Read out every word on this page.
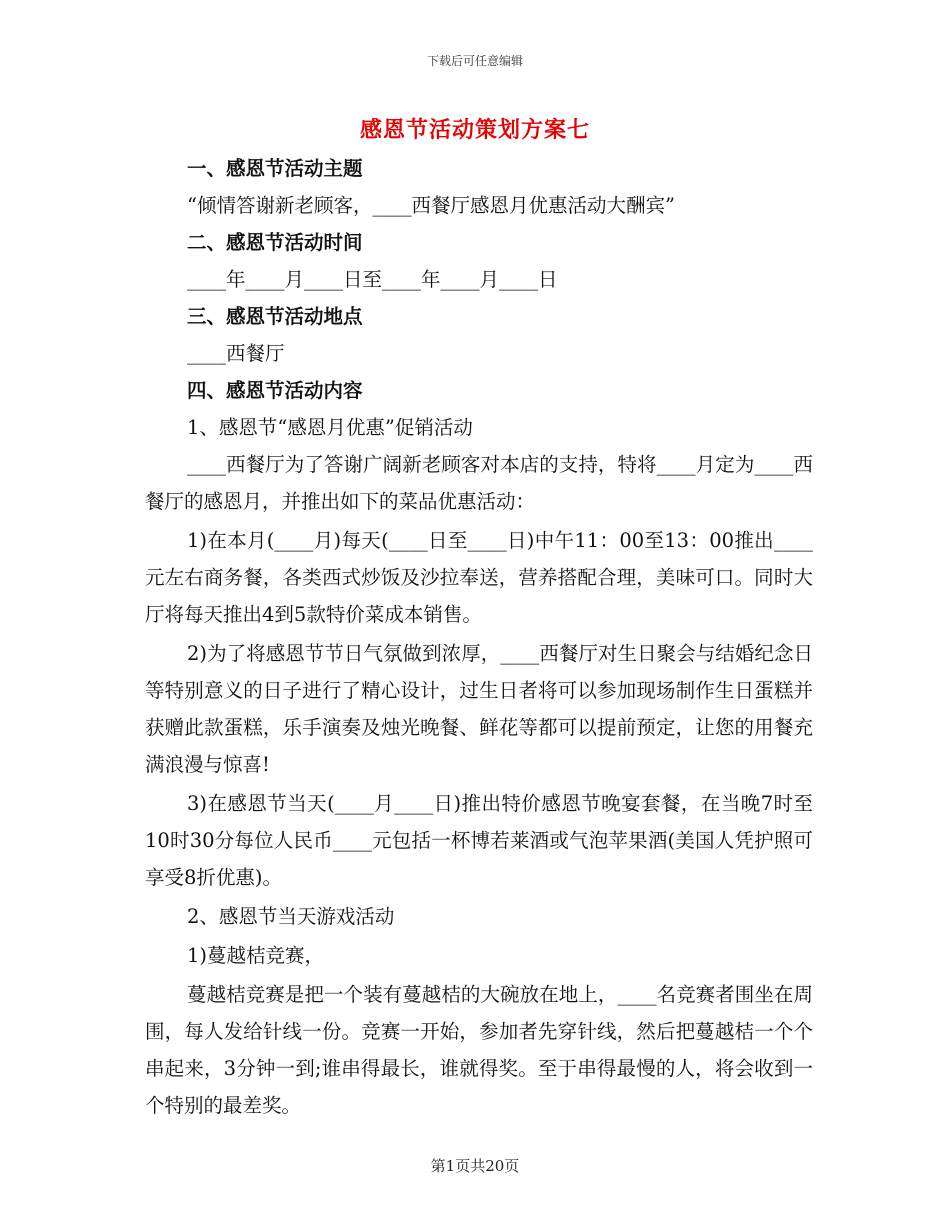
下载后可任意编辑
感恩节活动策划方案七

一、感恩节活动主题

“倾情答谢新老顾客，____西餐厅感恩月优惠活动大酬宾”

二、感恩节活动时间

____年____月____日至____年____月____日

三、感恩节活动地点

____西餐厅

四、感恩节活动内容

1、感恩节“感恩月优惠”促销活动

____西餐厅为了答谢广阔新老顾客对本店的支持，特将____月定为____西餐厅的感恩月，并推出如下的菜品优惠活动：

1)在本月(____月)每天(____日至____日)中午11：00至13：00推出____元左右商务餐，各类西式炒饭及沙拉奉送，营养搭配合理，美味可口。同时大厅将每天推出4到5款特价菜成本销售。

2)为了将感恩节节日气氛做到浓厚，____西餐厅对生日聚会与结婚纪念日等特别意义的日子进行了精心设计，过生日者将可以参加现场制作生日蛋糕并获赠此款蛋糕，乐手演奏及烛光晚餐、鲜花等都可以提前预定，让您的用餐充满浪漫与惊喜!

3)在感恩节当天(____月____日)推出特价感恩节晚宴套餐，在当晚7时至10时30分每位人民币____元包括一杯博若莱酒或气泡苹果酒(美国人凭护照可享受8折优惠)。

2、感恩节当天游戏活动

1)蔓越桔竞赛，

蔓越桔竞赛是把一个装有蔓越桔的大碗放在地上，____名竞赛者围坐在周围，每人发给针线一份。竞赛一开始，参加者先穿针线，然后把蔓越桔一个个串起来，3分钟一到;谁串得最长，谁就得奖。至于串得最慢的人，将会收到一个特别的最差奖。

第1页共20页
